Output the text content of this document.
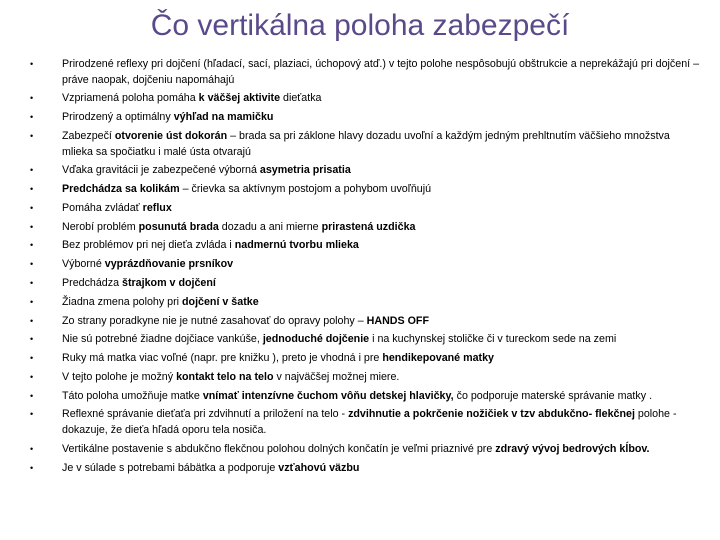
Čo vertikálna poloha zabezpečí
•	Prirodzené reflexy pri dojčení (hľadací, sací, plaziaci, úchopový atď.) v tejto polohe nespôsobujú obštrukcie a neprekážajú pri dojčení – práve naopak, dojčeniu napomáhajú
•	Vzpriamená poloha pomáha k väčšej aktivite dieťatka
•	Prirodzený a optimálny výhľad na mamičku
•	Zabezpečí otvorenie úst dokorán – brada sa pri záklone hlavy dozadu uvoľní a každým jedným prehltnutím väčšieho množstva mlieka sa spočiatku i malé ústa otvarajú
•	Vďaka gravitácii je zabezpečené výborná asymetria prisatia
•	Predchádza sa kolikám – črievka sa aktívnym postojom a pohybom uvoľňujú
•	Pomáha zvládať reflux
•	Nerobí problém posunutá brada dozadu a ani mierne prirastená uzdička
•	Bez problémov pri nej dieťa zvláda i nadmernú tvorbu mlieka
•	Výborné vyprázdňovanie prsníkov
•	Predchádza štrajkom v dojčení
•	Žiadna zmena polohy pri dojčení v šatke
•	Zo strany poradkyne nie je nutné zasahovať do opravy polohy – HANDS OFF
•	Nie sú potrebné žiadne dojčiace vankúše, jednoduché dojčenie i na kuchynskej stoličke či v tureckom sede na zemi
•	Ruky má matka viac voľné (napr. pre knižku ), preto je vhodná i pre hendikepované matky
•	V tejto polohe je možný kontakt telo na telo v najväčšej možnej miere.
•	Táto poloha umožňuje matke vnímať intenzívne čuchom vôňu detskej hlavičky, čo podporuje materské správanie matky .
•	Reflexné správanie dieťaťa pri zdvihnutí a priložení na telo - zdvihnutie a pokrčenie nožičiek v tzv abdukčno- flekčnej polohe - dokazuje, že dieťa hľadá oporu tela nosiča.
•	Vertikálne postavenie s abdukčno flekčnou polohou dolných končatín je veľmi priaznivé pre zdravý vývoj bedrových kĺbov.
•	Je v súlade s potrebami bábätka a podporuje vzťahovú väzbu
